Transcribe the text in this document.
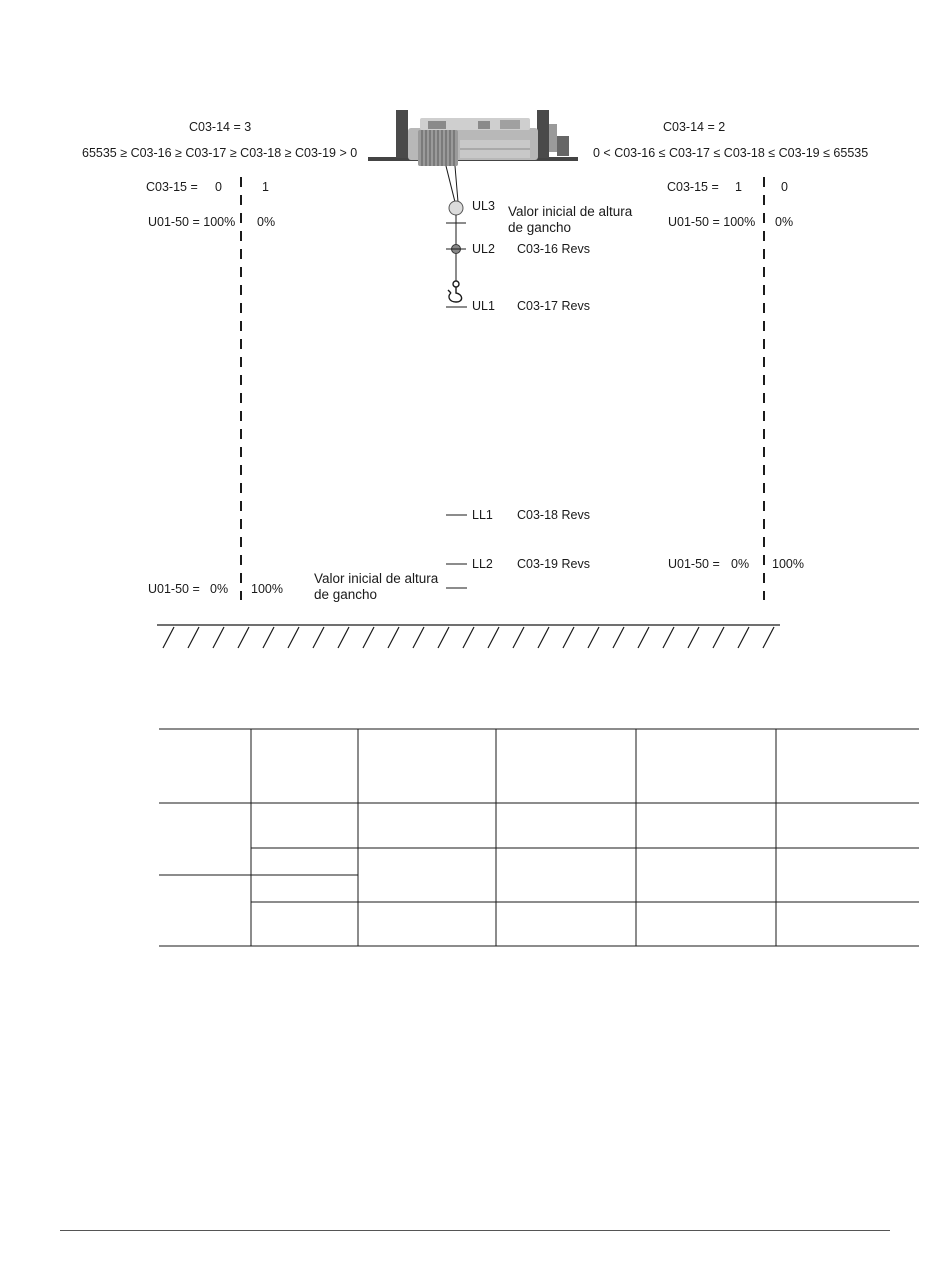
C03-14 = 3
65535 ≥ C03-16 ≥ C03-17 ≥ C03-18 ≥ C03-19 > 0
C03-15 = 0	1
U01-50 = 100% 0%
U01-50 = 0% 100%
C03-14 = 2
0 < C03-16 ≤ C03-17 ≤ C03-18 ≤ C03-19 ≤ 65535
C03-15 = 1	0
U01-50 = 100% 0%
U01-50 = 0% 100%
UL3 Valor inicial de altura
de gancho
UL2 C03-16 Revs
UL1 C03-17 Revs
LL1 C03-18 Revs
LL2 C03-19 Revs
Valor inicial de altura
de gancho
